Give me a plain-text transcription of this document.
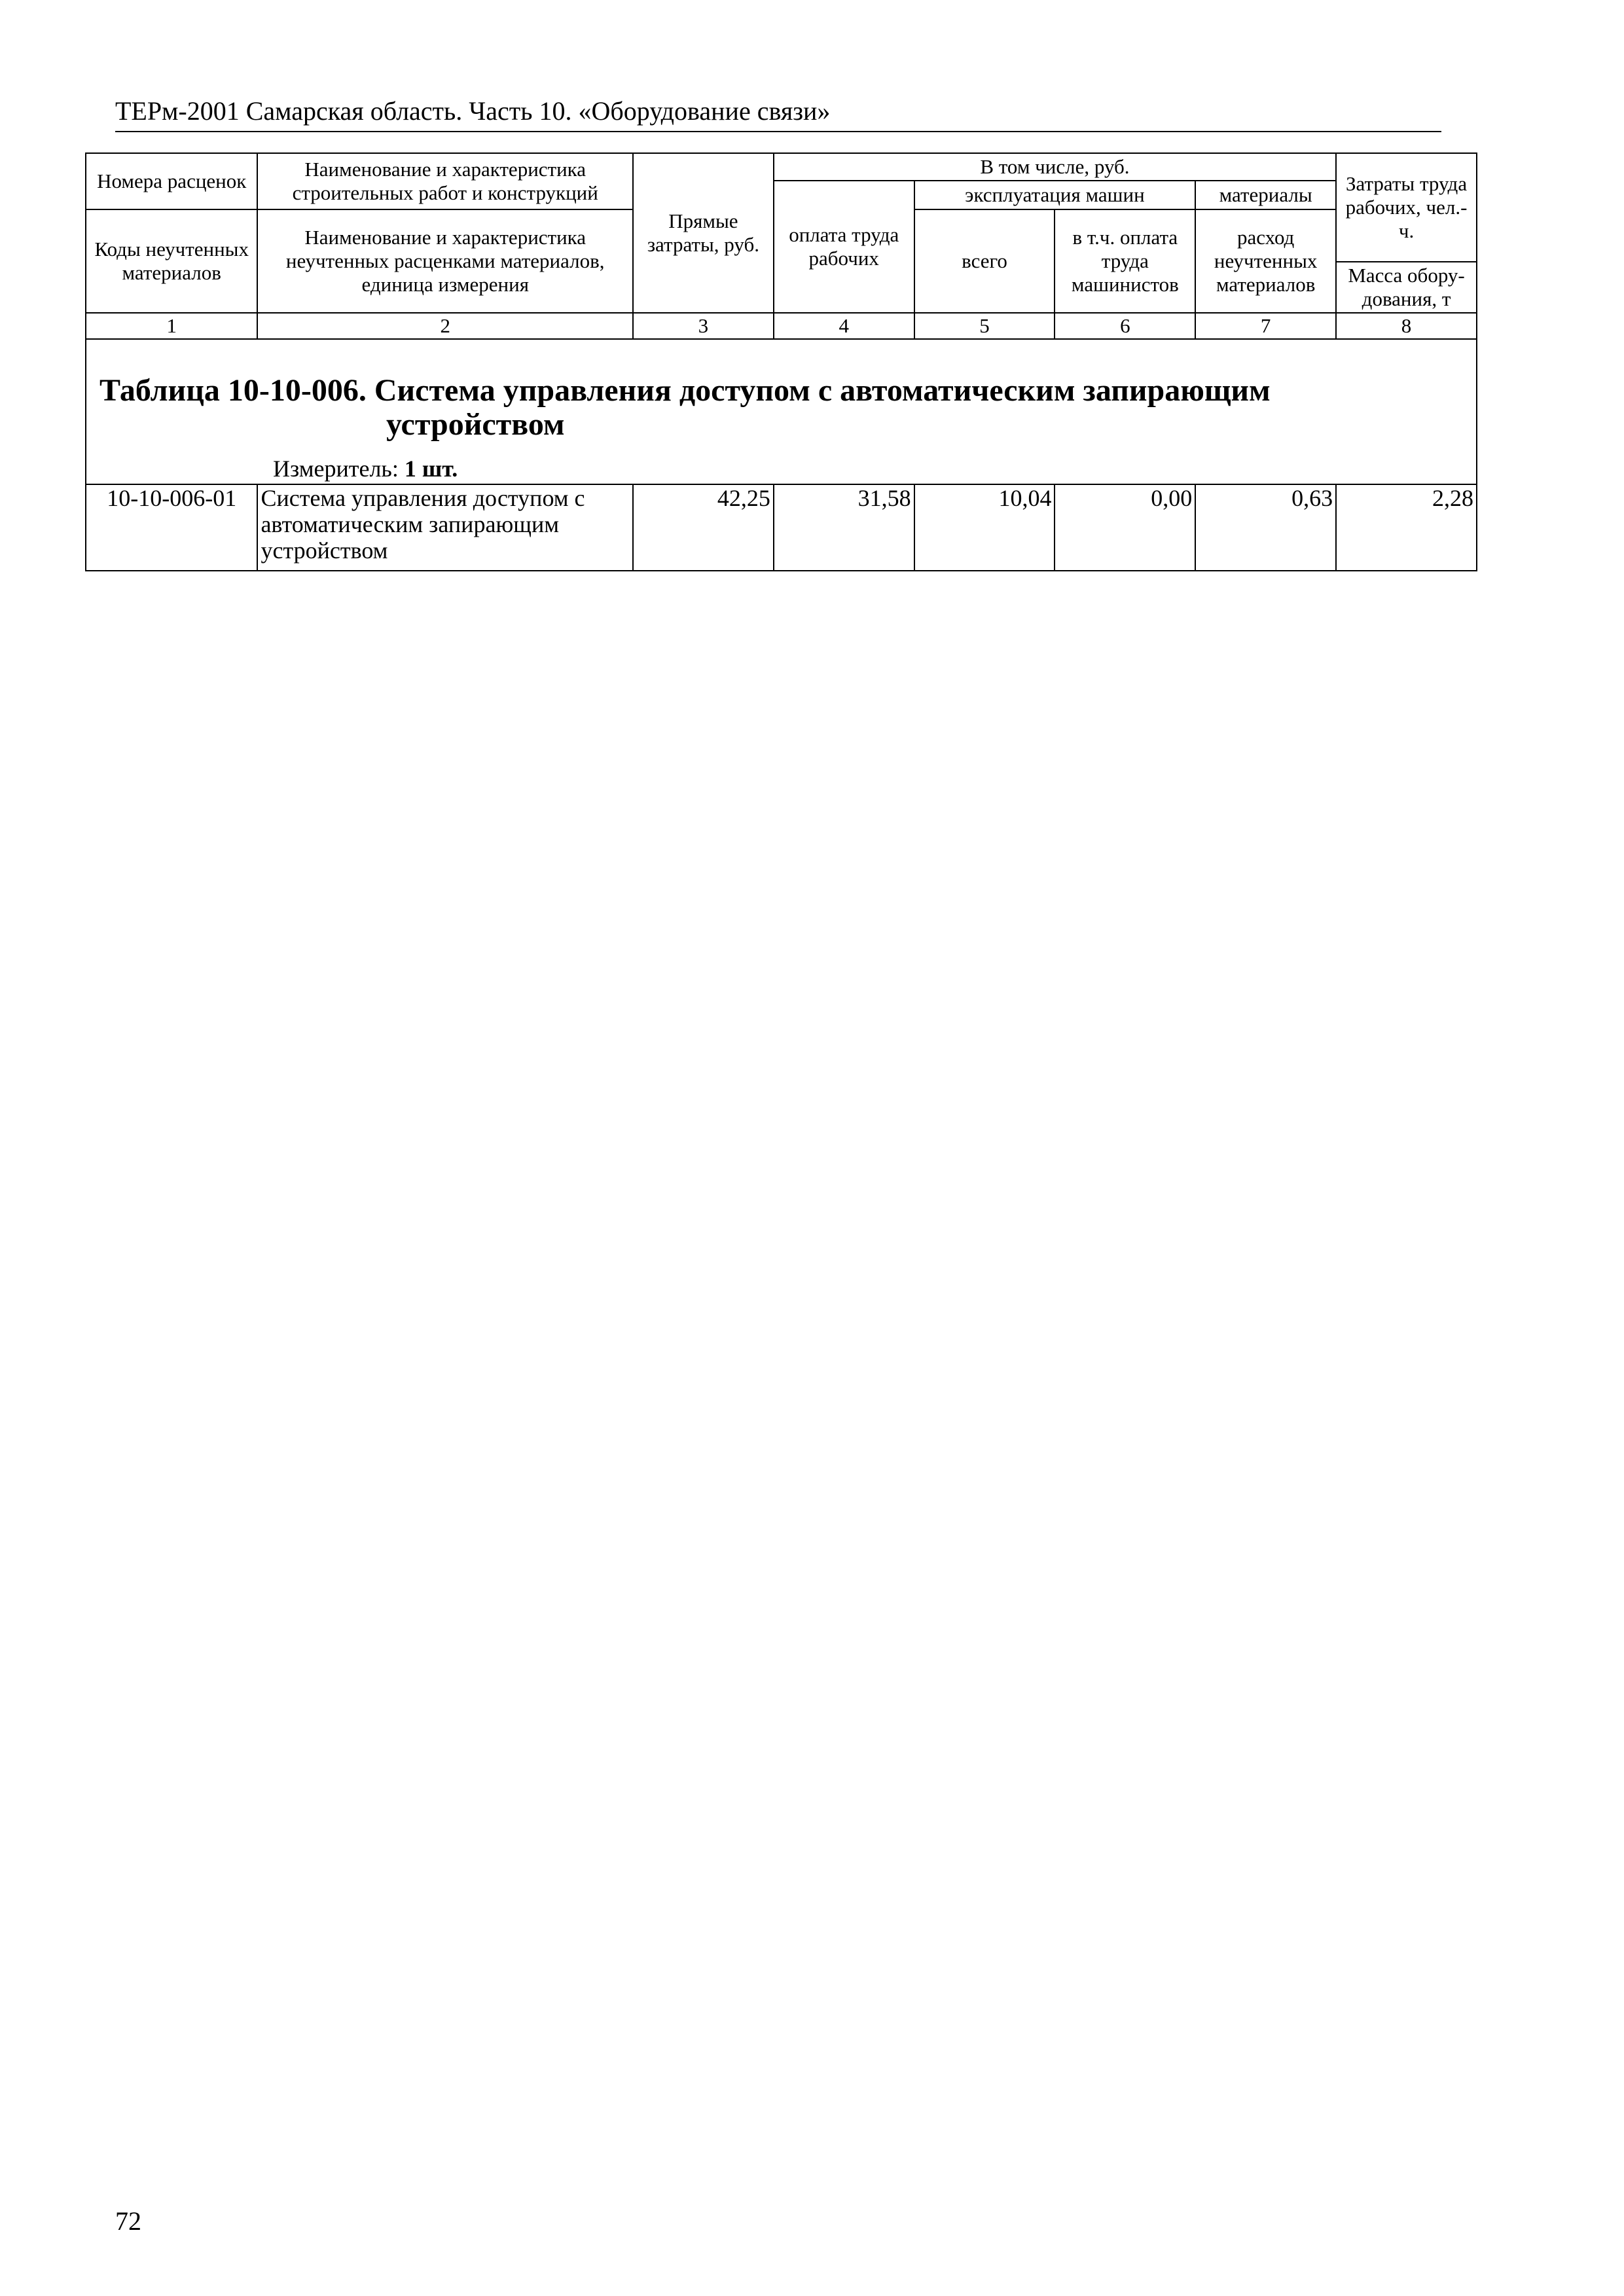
ТЕРм-2001 Самарская область. Часть 10. «Оборудование связи»
Номера расценок	Наименование и характеристика строительных работ и конструкций	Прямые затраты, руб.	В том числе, руб.				Затраты труда рабочих, чел.-ч.
			оплата труда рабочих	эксплуатация машин		материалы	
Коды неучтенных материалов	Наименование и характеристика неучтенных расценками материалов, единица измерения			всего	в т.ч. оплата труда машинистов	расход неучтенных материалов	
							Масса обору-дования, т
1	2	3	4	5	6	7	8

Таблица 10-10-006. Система управления доступом с автоматическим запирающим
устройством
Измеритель: 1 шт.							

10-10-006-01	Система управления доступом с автоматическим запирающим устройством	42,25	31,58	10,04	0,00	0,63	2,28
72
